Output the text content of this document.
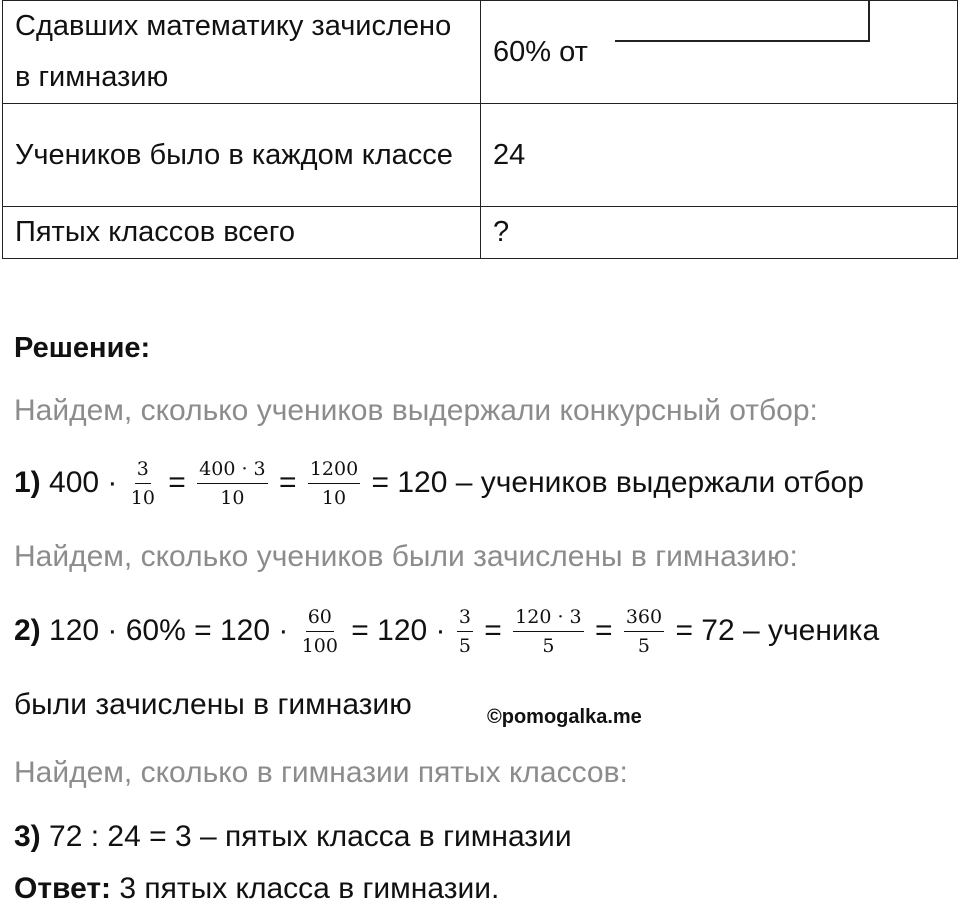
Сдавших математику зачислено в гимназию	60% от
Учеников было в каждом классе	24
Пятых классов всего	?
Решение:
Найдем, сколько учеников выдержали конкурсный отбор:
1) $400 \cdot \frac{3}{10} = \frac{400 \cdot 3}{10} = \frac{1200}{10} = 120$ – учеников выдержали отбор
Найдем, сколько учеников были зачислены в гимназию:
2) $120 \cdot 60\% = 120 \cdot \frac{60}{100} = 120 \cdot \frac{3}{5} = \frac{120 \cdot 3}{5} = \frac{360}{5} = 72$ – ученика
были зачислены в гимназию	©pomogalka.me
Найдем, сколько в гимназии пятых классов:
3) 72 : 24 = 3 – пятых класса в гимназии
Ответ: 3 пятых класса в гимназии.
